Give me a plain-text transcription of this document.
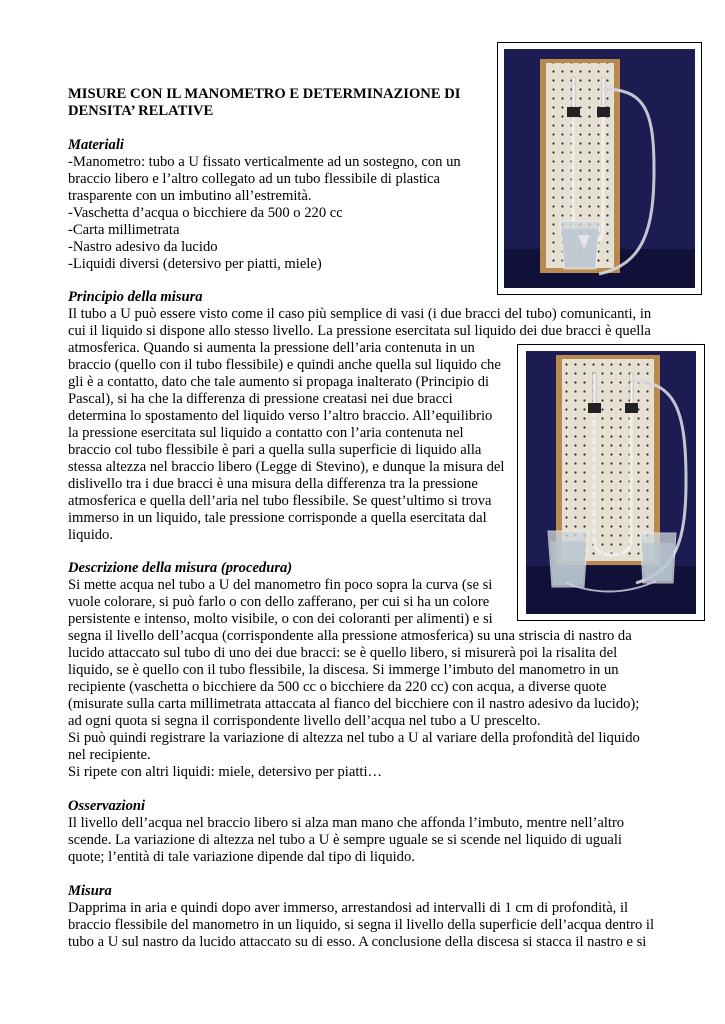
MISURE CON IL MANOMETRO E DETERMINAZIONE DI
DENSITA’ RELATIVE
Materiali
-Manometro: tubo a U fissato verticalmente ad un sostegno, con un
braccio libero e l’altro collegato ad un tubo flessibile di plastica
trasparente con un imbutino all’estremità.
-Vaschetta d’acqua o bicchiere da 500 o 220 cc
-Carta millimetrata
-Nastro adesivo da lucido
-Liquidi diversi (detersivo per piatti, miele)
Principio della misura
Il tubo a U può essere visto come il caso più semplice di vasi (i due bracci del tubo) comunicanti, in
cui il liquido si dispone allo stesso livello. La pressione esercitata sul liquido dei due bracci è quella
atmosferica. Quando si aumenta la pressione dell’aria contenuta in un
braccio (quello con il tubo flessibile) e quindi anche quella sul liquido che
gli è a contatto, dato che tale aumento si propaga inalterato (Principio di
Pascal), si ha che la differenza di pressione creatasi nei due bracci
determina lo spostamento del liquido verso l’altro braccio. All’equilibrio
la pressione esercitata sul liquido a contatto con l’aria contenuta nel
braccio col tubo flessibile è pari a quella sulla superficie di liquido alla
stessa altezza nel braccio libero (Legge di Stevino), e dunque la misura del
dislivello tra i due bracci è una misura della differenza tra la pressione
atmosferica e quella dell’aria nel tubo flessibile. Se quest’ultimo si trova
immerso in un liquido, tale pressione corrisponde a quella esercitata dal
liquido.
Descrizione della misura (procedura)
Si mette acqua nel tubo a U del manometro fin poco sopra la curva (se si
vuole colorare, si può farlo o con dello zafferano, per cui si ha un colore
persistente e intenso, molto visibile, o con dei coloranti per alimenti) e si
segna il livello dell’acqua (corrispondente alla pressione atmosferica) su una striscia di nastro da
lucido attaccato sul tubo di uno dei due bracci: se è quello libero, si misurerà poi la risalita del
liquido, se è quello con il tubo flessibile, la discesa. Si immerge l’imbuto del manometro in un
recipiente (vaschetta o bicchiere da 500 cc o bicchiere da 220 cc) con acqua, a diverse quote
(misurate sulla carta millimetrata attaccata al fianco del bicchiere con il nastro adesivo da lucido);
ad ogni quota si segna il corrispondente livello dell’acqua nel tubo a U prescelto.
Si può quindi registrare la variazione di altezza nel tubo a U al variare della profondità del liquido
nel recipiente.
Si ripete con altri liquidi: miele, detersivo per piatti…
Osservazioni
Il livello dell’acqua nel braccio libero si alza man mano che affonda l’imbuto, mentre nell’altro
scende. La variazione di altezza nel tubo a U è sempre uguale se si scende nel liquido di uguali
quote; l’entità di tale variazione dipende dal tipo di liquido.
Misura
Dapprima in aria e quindi dopo aver immerso, arrestandosi ad intervalli di 1 cm di profondità, il
braccio flessibile del manometro in un liquido, si segna il livello della superficie dell’acqua dentro il
tubo a U sul nastro da lucido attaccato su di esso. A conclusione della discesa si stacca il nastro e si
